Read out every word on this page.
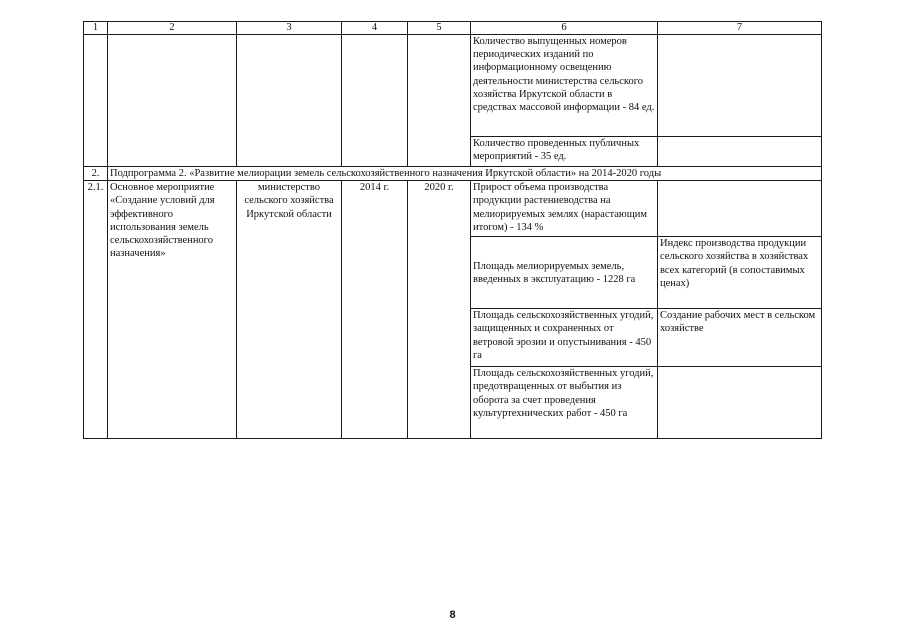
1	2	3	4	5	6	7
					Количество выпущенных номеров периодических изданий по информационному освещению деятельности министерства сельского хозяйства Иркутской области в средствах массовой информации - 84 ед.	
					Количество проведенных публичных мероприятий - 35 ед.	
2.	Подпрограмма 2. «Развитие мелиорации земель сельскохозяйственного назначения Иркутской области» на 2014-2020 годы					
2.1.	Основное мероприятие «Создание условий для эффективного использования земель сельскохозяйственного назначения»	министерство сельского хозяйства Иркутской области	2014 г.	2020 г.	Прирост объема производства продукции растениеводства на мелиорируемых землях (нарастающим итогом) - 134 %	
					Площадь мелиорируемых земель, введенных в эксплуатацию - 1228 га	Индекс производства продукции сельского хозяйства в хозяйствах всех категорий (в сопоставимых ценах)
					Площадь сельскохозяйственных угодий, защищенных и сохраненных от ветровой эрозии и опустынивания - 450 га	Создание рабочих мест в сельском хозяйстве
					Площадь сельскохозяйственных угодий, предотвращенных от выбытия из оборота за счет проведения культуртехнических работ - 450 га	
8
